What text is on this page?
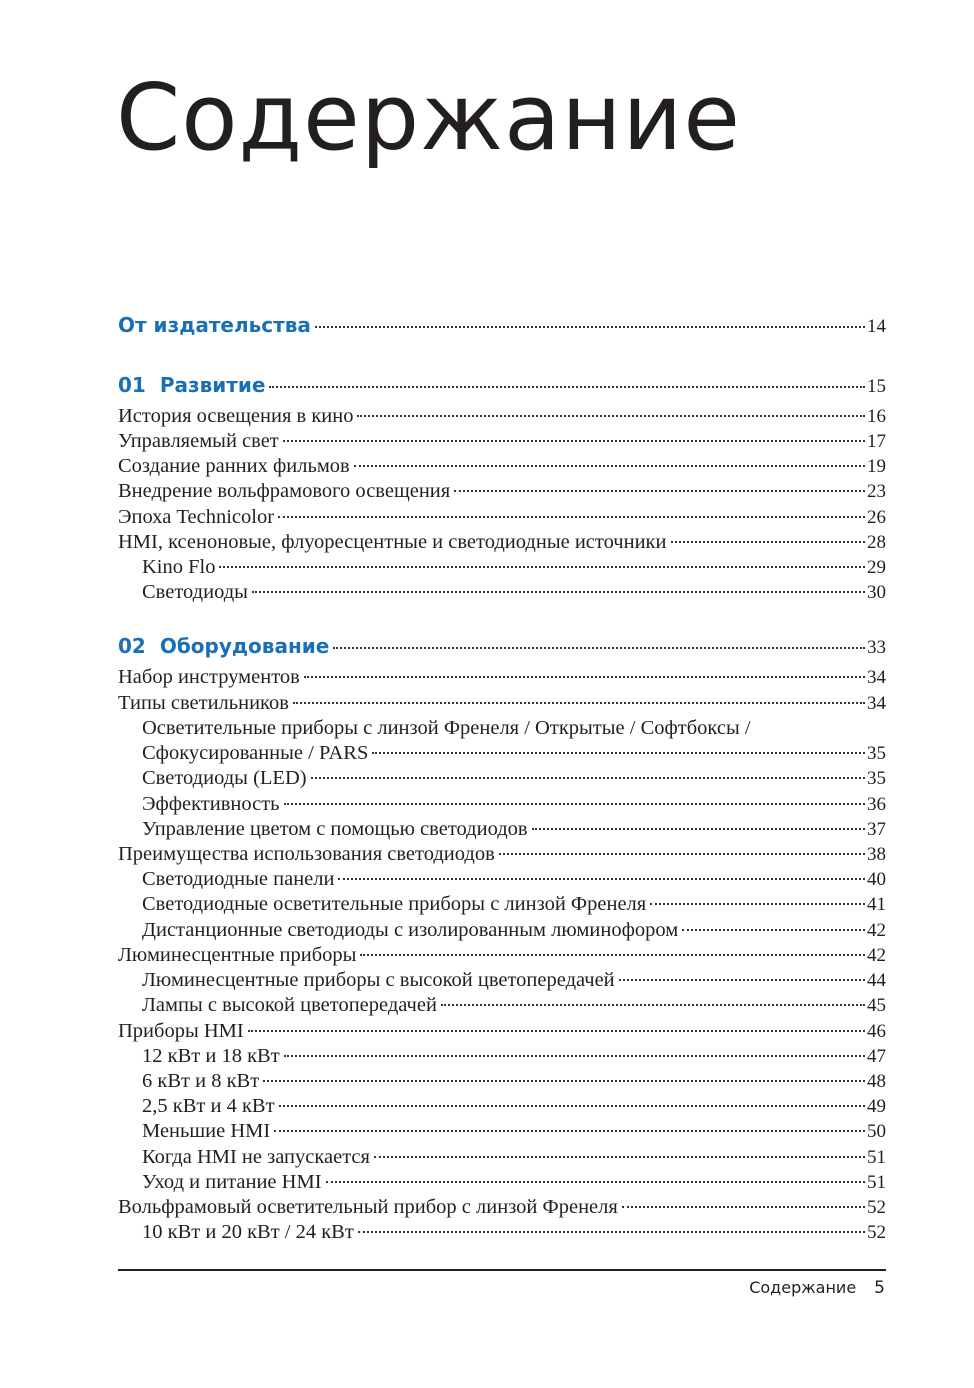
Содержание
От издательства	14
01 Развитие	15
История освещения в кино	16
Управляемый свет	17
Создание ранних фильмов	19
Внедрение вольфрамового освещения	23
Эпоха Technicolor	26
HMI, ксеноновые, флуоресцентные и светодиодные источники	28
Kino Flo	29
Светодиоды	30
02 Оборудование	33
Набор инструментов	34
Типы светильников	34
Осветительные приборы с линзой Френеля / Открытые / Софтбоксы /
Сфокусированные / PARS	35
Светодиоды (LED)	35
Эффективность	36
Управление цветом с помощью светодиодов	37
Преимущества использования светодиодов	38
Светодиодные панели	40
Светодиодные осветительные приборы с линзой Френеля	41
Дистанционные светодиоды с изолированным люминофором	42
Люминесцентные приборы	42
Люминесцентные приборы с высокой цветопередачей	44
Лампы с высокой цветопередачей	45
Приборы HMI	46
12 кВт и 18 кВт	47
6 кВт и 8 кВт	48
2,5 кВт и 4 кВт	49
Меньшие HMI	50
Когда HMI не запускается	51
Уход и питание HMI	51
Вольфрамовый осветительный прибор с линзой Френеля	52
10 кВт и 20 кВт / 24 кВт	52
Содержание 5
